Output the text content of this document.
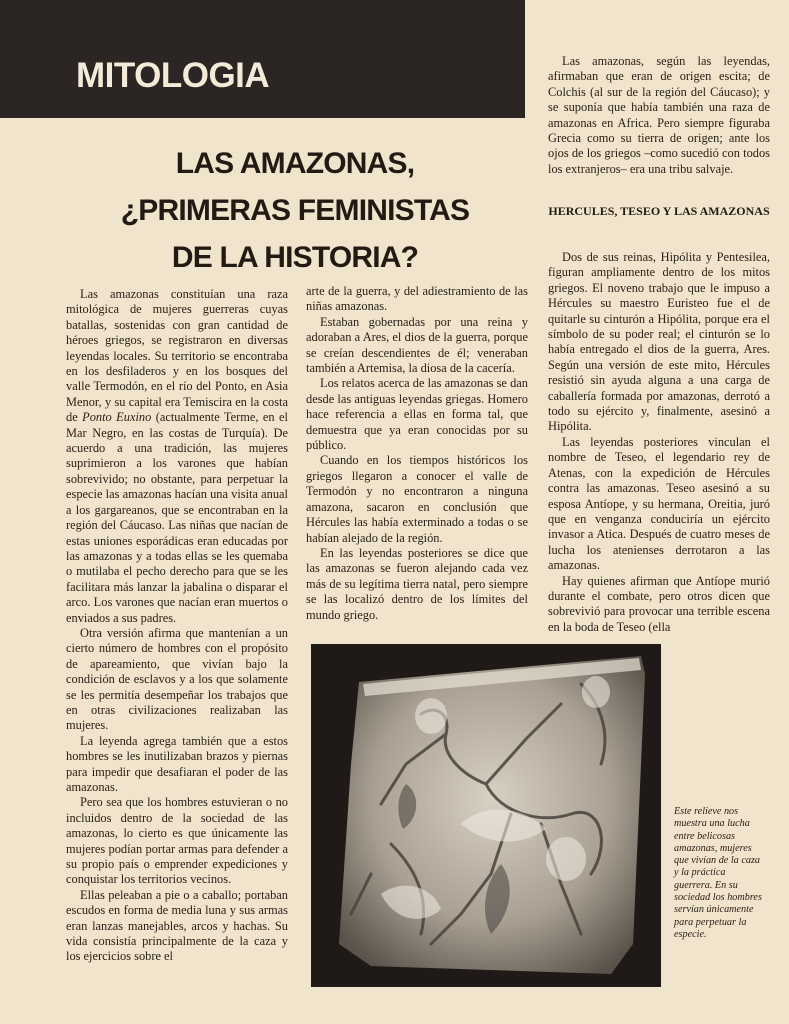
MITOLOGIA
LAS AMAZONAS,
¿PRIMERAS FEMINISTAS
DE LA HISTORIA?

Las amazonas constituían una raza mitológica de mujeres guerreras cuyas batallas, sostenidas con gran cantidad de héroes griegos, se registraron en diversas leyendas locales. Su territorio se encontraba en los desfiladeros y en los bosques del valle Termodón, en el río del Ponto, en Asia Menor, y su capital era Temiscira en la costa de Ponto Euxino (actualmente Terme, en el Mar Negro, en las costas de Turquía). De acuerdo a una tradición, las mujeres suprimieron a los varones que habían sobrevivido; no obstante, para perpetuar la especie las amazonas hacían una visita anual a los gargareanos, que se encontraban en la región del Cáucaso. Las niñas que nacían de estas uniones esporádicas eran educadas por las amazonas y a todas ellas se les quemaba o mutilaba el pecho derecho para que se les facilitara más lanzar la jabalina o disparar el arco. Los varones que nacían eran muertos o enviados a sus padres.

Otra versión afirma que mantenían a un cierto número de hombres con el propósito de apareamiento, que vivían bajo la condición de esclavos y a los que solamente se les permitía desempeñar los trabajos que en otras civilizaciones realizaban las mujeres.

La leyenda agrega también que a estos hombres se les inutilizaban brazos y piernas para impedir que desafiaran el poder de las amazonas.

Pero sea que los hombres estuvieran o no incluidos dentro de la sociedad de las amazonas, lo cierto es que únicamente las mujeres podían portar armas para defender a su propio país o emprender expediciones y conquistar los territorios vecinos.

Ellas peleaban a pie o a caballo; portaban escudos en forma de media luna y sus armas eran lanzas manejables, arcos y hachas. Su vida consistía principalmente de la caza y los ejercicios sobre el

arte de la guerra, y del adiestramiento de las niñas amazonas.

Estaban gobernadas por una reina y adoraban a Ares, el dios de la guerra, porque se creían descendientes de él; veneraban también a Artemisa, la diosa de la cacería.

Los relatos acerca de las amazonas se dan desde las antiguas leyendas griegas. Homero hace referencia a ellas en forma tal, que demuestra que ya eran conocidas por su público.

Cuando en los tiempos históricos los griegos llegaron a conocer el valle de Termodón y no encontraron a ninguna amazona, sacaron en conclusión que Hércules las había exterminado a todas o se habían alejado de la región.

En las leyendas posteriores se dice que las amazonas se fueron alejando cada vez más de su legítima tierra natal, pero siempre se las localizó dentro de los límites del mundo griego.

Las amazonas, según las leyendas, afirmaban que eran de origen escita; de Colchis (al sur de la región del Cáucaso); y se suponía que había también una raza de amazonas en Africa. Pero siempre figuraba Grecia como su tierra de origen; ante los ojos de los griegos –como sucedió con todos los extranjeros– era una tribu salvaje.

HERCULES, TESEO Y LAS AMAZONAS

Dos de sus reinas, Hipólita y Pentesilea, figuran ampliamente dentro de los mitos griegos. El noveno trabajo que le impuso a Hércules su maestro Euristeo fue el de quitarle su cinturón a Hipólita, porque era el símbolo de su poder real; el cinturón se lo había entregado el dios de la guerra, Ares. Según una versión de este mito, Hércules resistió sin ayuda alguna a una carga de caballería formada por amazonas, derrotó a todo su ejército y, finalmente, asesinó a Hipólita.

Las leyendas posteriores vinculan el nombre de Teseo, el legendario rey de Atenas, con la expedición de Hércules contra las amazonas. Teseo asesinó a su esposa Antíope, y su hermana, Oreitia, juró que en venganza conduciría un ejército invasor a Atica. Después de cuatro meses de lucha los atenienses derrotaron a las amazonas.

Hay quienes afirman que Antíope murió durante el combate, pero otros dicen que sobrevivió para provocar una terrible escena en la boda de Teseo (ella

Este relieve nos muestra una lucha entre belicosas amazonas, mujeres que vivían de la caza y la práctica guerrera. En su sociedad los hombres servían únicamente para perpetuar la especie.
